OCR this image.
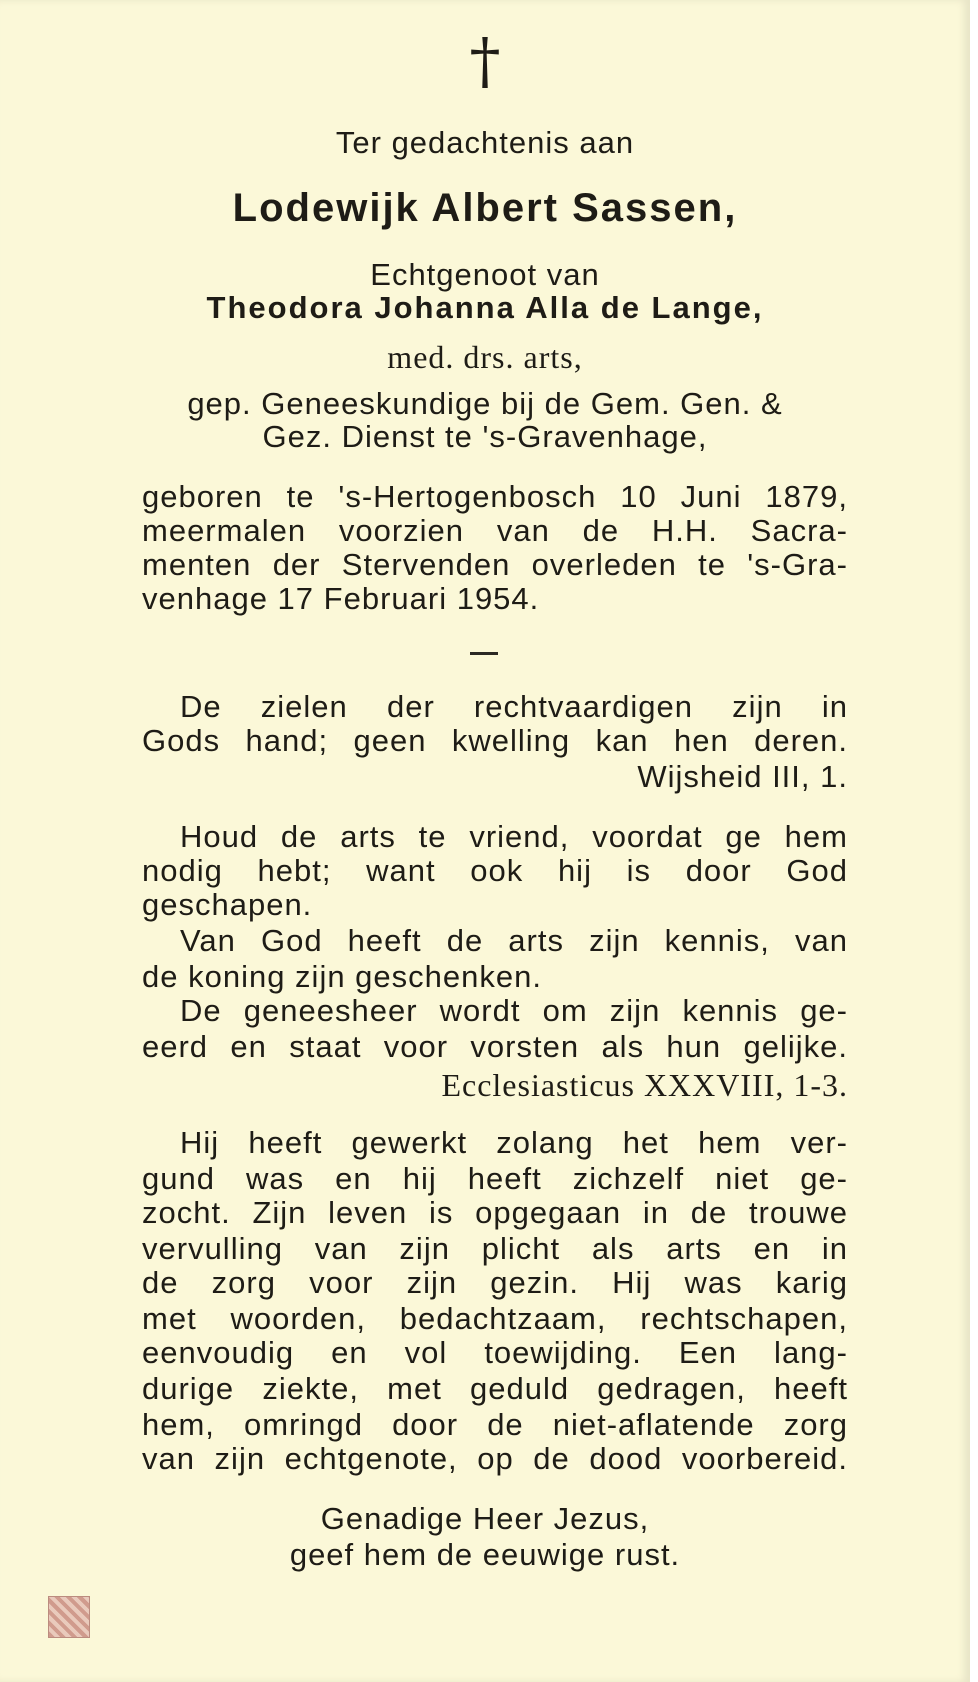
†
Ter gedachtenis aan
Lodewijk Albert Sassen,
Echtgenoot van
Theodora Johanna Alla de Lange,
med. drs. arts,
gep. Geneeskundige bij de Gem. Gen. &
Gez. Dienst te 's-Gravenhage,
geboren te 's-Hertogenbosch 10 Juni 1879,
meermalen voorzien van de H.H. Sacra-
menten der Stervenden overleden te 's-Gra-
venhage 17 Februari 1954.
De zielen der rechtvaardigen zijn in
Gods hand; geen kwelling kan hen deren.
Wijsheid III, 1.
Houd de arts te vriend, voordat ge hem
nodig hebt; want ook hij is door God
geschapen.
Van God heeft de arts zijn kennis, van
de koning zijn geschenken.
De geneesheer wordt om zijn kennis ge-
eerd en staat voor vorsten als hun gelijke.
Ecclesiasticus XXXVIII, 1-3.
Hij heeft gewerkt zolang het hem ver-
gund was en hij heeft zichzelf niet ge-
zocht. Zijn leven is opgegaan in de trouwe
vervulling van zijn plicht als arts en in
de zorg voor zijn gezin. Hij was karig
met woorden, bedachtzaam, rechtschapen,
eenvoudig en vol toewijding. Een lang-
durige ziekte, met geduld gedragen, heeft
hem, omringd door de niet-aflatende zorg
van zijn echtgenote, op de dood voorbereid.
Genadige Heer Jezus,
geef hem de eeuwige rust.
